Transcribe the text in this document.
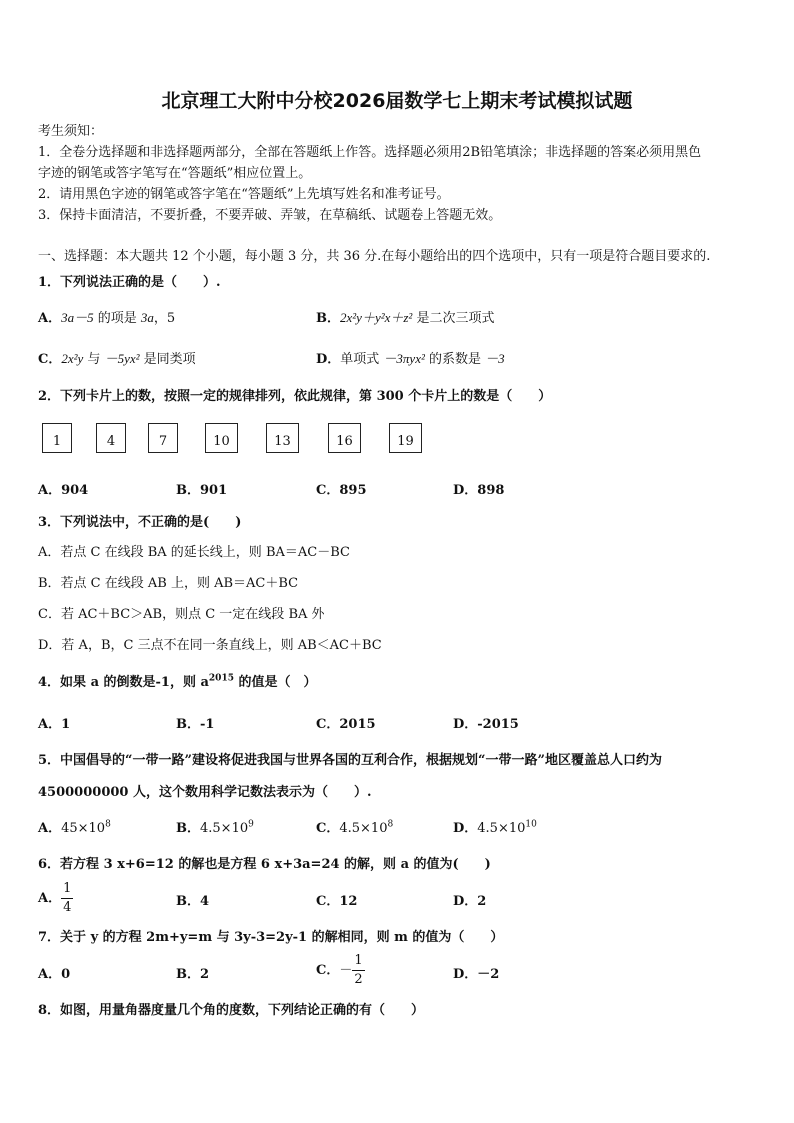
北京理工大附中分校2026届数学七上期末考试模拟试题
考生须知：
1．全卷分选择题和非选择题两部分，全部在答题纸上作答。选择题必须用2B铅笔填涂；非选择题的答案必须用黑色
字迹的钢笔或答字笔写在“答题纸”相应位置上。
2．请用黑色字迹的钢笔或答字笔在“答题纸”上先填写姓名和准考证号。
3．保持卡面清洁，不要折叠，不要弄破、弄皱，在草稿纸、试题卷上答题无效。
一、选择题：本大题共 12 个小题，每小题 3 分，共 36 分.在每小题给出的四个选项中，只有一项是符合题目要求的.
1．下列说法正确的是（　　）.
A．3a－5 的项是 3a，5	B．2x²y＋y²x＋z² 是二次三项式
C．2x²y 与 －5yx² 是同类项	D．单项式 －3πyx² 的系数是 －3
2．下列卡片上的数，按照一定的规律排列，依此规律，第 300 个卡片上的数是（　　）
1	4	7	10	13	16	19
A．904	B．901	C．895	D．898
3．下列说法中，不正确的是(　　)
A．若点 C 在线段 BA 的延长线上，则 BA＝AC－BC
B．若点 C 在线段 AB 上，则 AB＝AC＋BC
C．若 AC＋BC＞AB，则点 C 一定在线段 BA 外
D．若 A，B，C 三点不在同一条直线上，则 AB＜AC＋BC
4．如果 a 的倒数是-1，则 $a^{2015}$ 的值是（　）
A．1	B．-1	C．2015	D．-2015
5．中国倡导的“一带一路”建设将促进我国与世界各国的互利合作，根据规划“一带一路”地区覆盖总人口约为
4500000000 人，这个数用科学记数法表示为（　　）.
A．$45\times 10^8$	B．$4.5\times 10^9$	C．$4.5\times 10^8$	D．$4.5\times 10^{10}$
6．若方程 3 x+6=12 的解也是方程 6 x+3a=24 的解，则 a 的值为(　　)
A． $\frac{1}{4}$	B．4	C．12	D．2
7．关于 y 的方程 2m+y=m 与 3y-3=2y-1 的解相同，则 m 的值为（　　）
A．0	B．2	C．－ $\frac{1}{2}$	D．－2
8．如图，用量角器度量几个角的度数，下列结论正确的有（　　）
